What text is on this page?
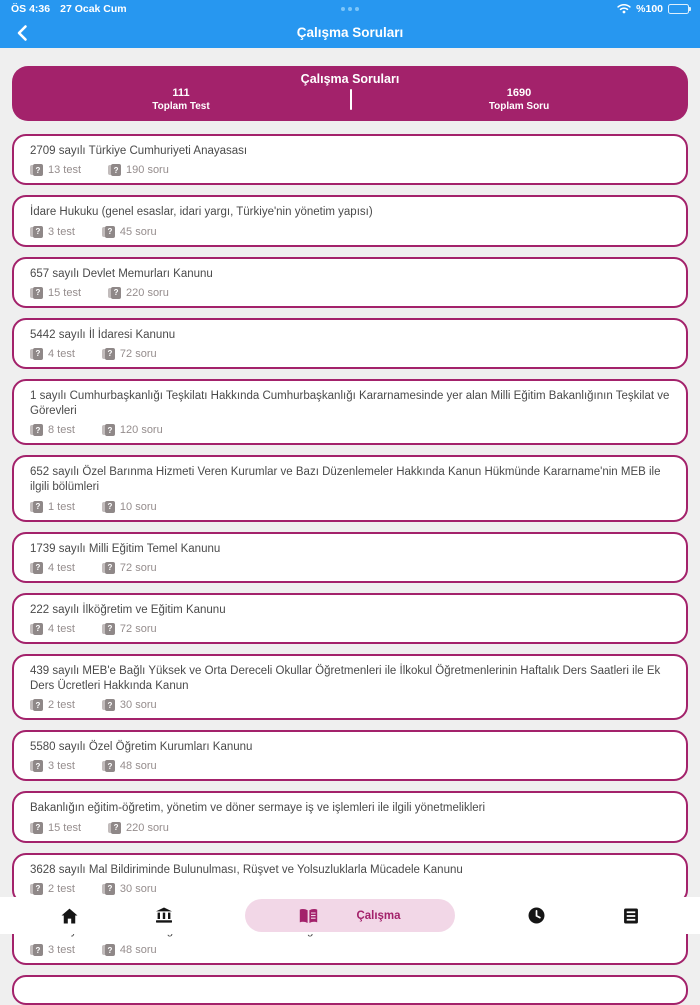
ÖS 4:36 27 Ocak Cum	%100
Çalışma Soruları
Çalışma Soruları
111
Toplam Test
1690
Toplam Soru
2709 sayılı Türkiye Cumhuriyeti Anayasası
? 13 test	? 190 soru
İdare Hukuku (genel esaslar, idari yargı, Türkiye'nin yönetim yapısı)
? 3 test	? 45 soru
657 sayılı Devlet Memurları Kanunu
? 15 test	? 220 soru
5442 sayılı İl İdaresi Kanunu
? 4 test	? 72 soru
1 sayılı Cumhurbaşkanlığı Teşkilatı Hakkında Cumhurbaşkanlığı Kararnamesinde yer alan Milli Eğitim Bakanlığının Teşkilat ve Görevleri
? 8 test	? 120 soru
652 sayılı Özel Barınma Hizmeti Veren Kurumlar ve Bazı Düzenlemeler Hakkında Kanun Hükmünde Kararname'nin MEB ile ilgili bölümleri
? 1 test	? 10 soru
1739 sayılı Milli Eğitim Temel Kanunu
? 4 test	? 72 soru
222 sayılı İlköğretim ve Eğitim Kanunu
? 4 test	? 72 soru
439 sayılı MEB'e Bağlı Yüksek ve Orta Dereceli Okullar Öğretmenleri ile İlkokul Öğretmenlerinin Haftalık Ders Saatleri ile Ek Ders Ücretleri Hakkında Kanun
? 2 test	? 30 soru
5580 sayılı Özel Öğretim Kurumları Kanunu
? 3 test	? 48 soru
Bakanlığın eğitim-öğretim, yönetim ve döner sermaye iş ve işlemleri ile ilgili yönetmelikleri
? 15 test	? 220 soru
3628 sayılı Mal Bildiriminde Bulunulması, Rüşvet ve Yolsuzluklarla Mücadele Kanunu
? 2 test	? 30 soru
? 3 test	? 48 soru
Çalışma
